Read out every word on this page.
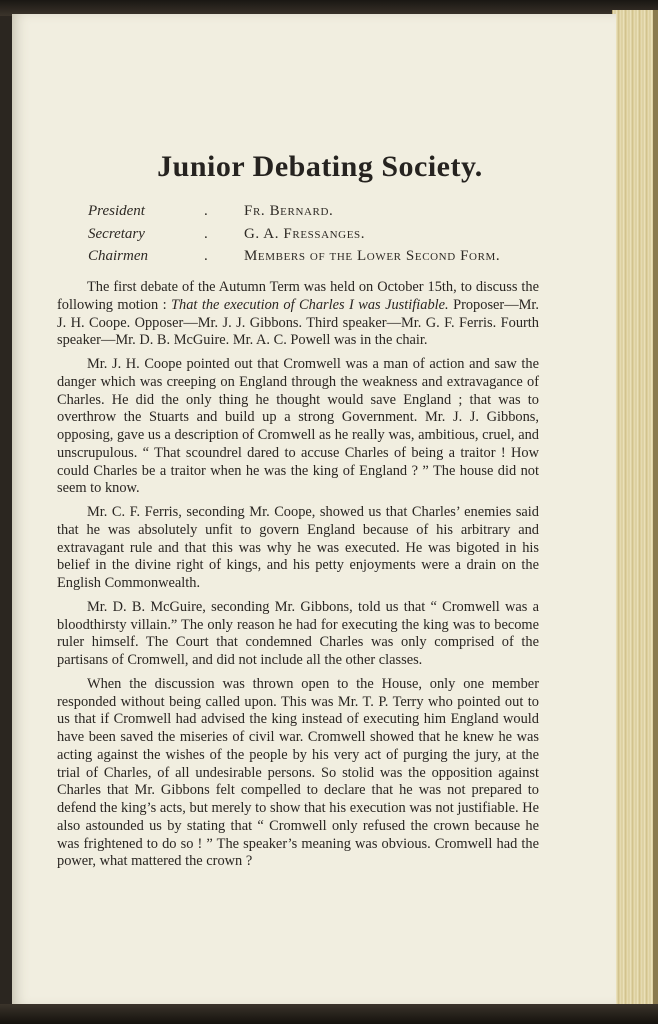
Junior Debating Society.
President	.	Fr. Bernard.
Secretary	.	G. A. Fressanges.
Chairmen	.	Members of the Lower Second Form.

The first debate of the Autumn Term was held on October 15th, to discuss the following motion : That the execution of Charles I was Justifiable. Proposer—Mr. J. H. Coope. Opposer—Mr. J. J. Gibbons. Third speaker—Mr. G. F. Ferris. Fourth speaker—Mr. D. B. McGuire. Mr. A. C. Powell was in the chair.

Mr. J. H. Coope pointed out that Cromwell was a man of action and saw the danger which was creeping on England through the weakness and extravagance of Charles. He did the only thing he thought would save England ; that was to overthrow the Stuarts and build up a strong Government. Mr. J. J. Gibbons, opposing, gave us a description of Cromwell as he really was, ambitious, cruel, and unscrupulous. “ That scoundrel dared to accuse Charles of being a traitor ! How could Charles be a traitor when he was the king of England ? ” The house did not seem to know.

Mr. C. F. Ferris, seconding Mr. Coope, showed us that Charles’ enemies said that he was absolutely unfit to govern England because of his arbitrary and extravagant rule and that this was why he was executed. He was bigoted in his belief in the divine right of kings, and his petty enjoyments were a drain on the English Commonwealth.

Mr. D. B. McGuire, seconding Mr. Gibbons, told us that “ Cromwell was a bloodthirsty villain.” The only reason he had for executing the king was to become ruler himself. The Court that condemned Charles was only comprised of the partisans of Cromwell, and did not include all the other classes.

When the discussion was thrown open to the House, only one member responded without being called upon. This was Mr. T. P. Terry who pointed out to us that if Cromwell had advised the king instead of executing him England would have been saved the miseries of civil war. Cromwell showed that he knew he was acting against the wishes of the people by his very act of purging the jury, at the trial of Charles, of all undesirable persons. So stolid was the opposition against Charles that Mr. Gibbons felt compelled to declare that he was not prepared to defend the king’s acts, but merely to show that his execution was not justifiable. He also astounded us by stating that “ Cromwell only refused the crown because he was frightened to do so ! ” The speaker’s meaning was obvious. Cromwell had the power, what mattered the crown ?
